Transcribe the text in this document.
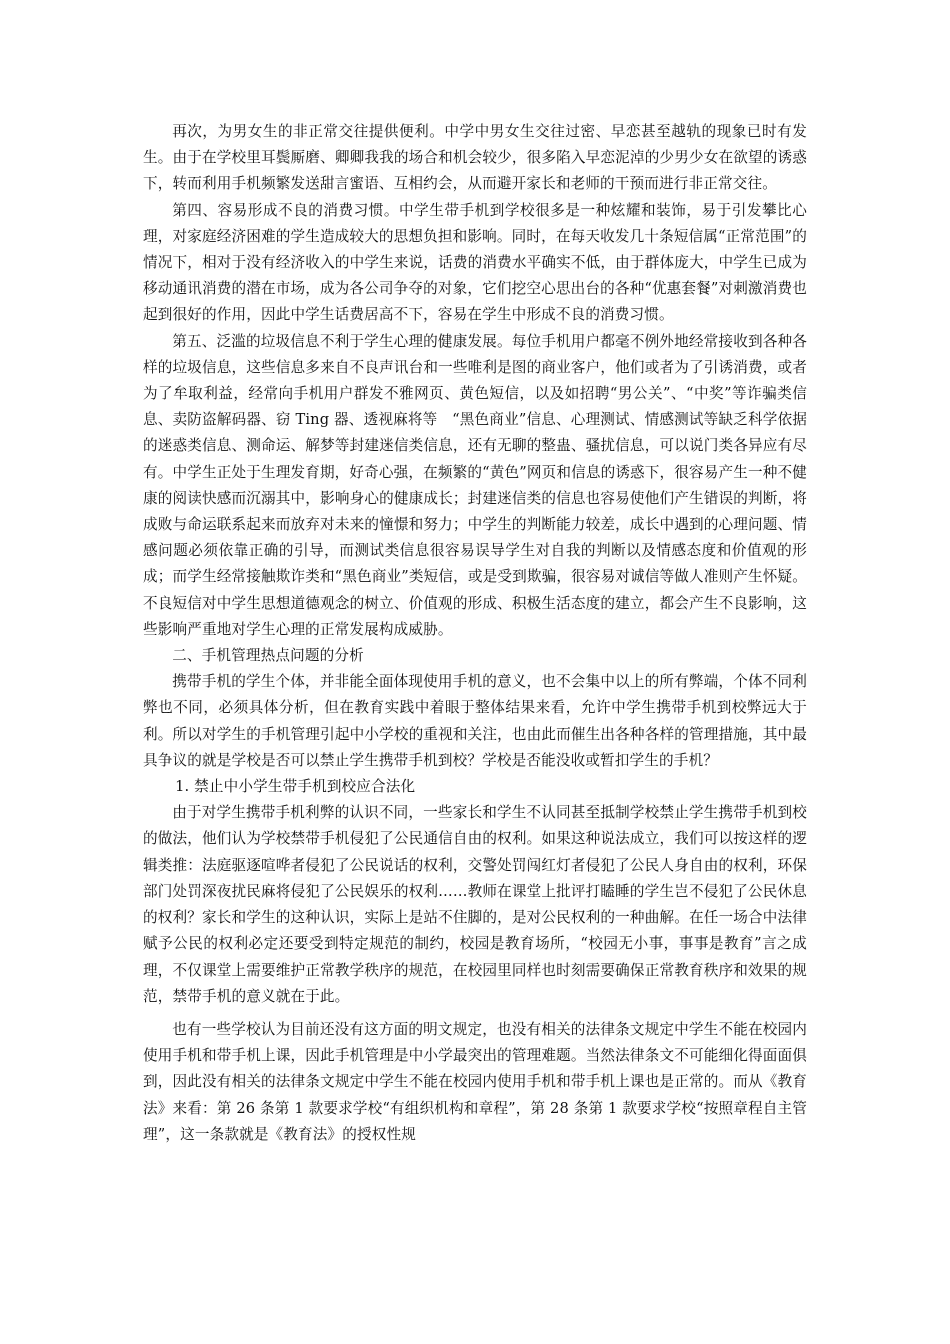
再次，为男女生的非正常交往提供便利。中学中男女生交往过密、早恋甚至越轨的现象已时有发生。由于在学校里耳鬓厮磨、卿卿我我的场合和机会较少，很多陷入早恋泥淖的少男少女在欲望的诱惑下，转而利用手机频繁发送甜言蜜语、互相约会，从而避开家长和老师的干预而进行非正常交往。

第四、容易形成不良的消费习惯。中学生带手机到学校很多是一种炫耀和装饰，易于引发攀比心理，对家庭经济困难的学生造成较大的思想负担和影响。同时，在每天收发几十条短信属“正常范围”的情况下，相对于没有经济收入的中学生来说，话费的消费水平确实不低，由于群体庞大，中学生已成为移动通讯消费的潜在市场，成为各公司争夺的对象，它们挖空心思出台的各种“优惠套餐”对刺激消费也起到很好的作用，因此中学生话费居高不下，容易在学生中形成不良的消费习惯。

第五、泛滥的垃圾信息不利于学生心理的健康发展。每位手机用户都毫不例外地经常接收到各种各样的垃圾信息，这些信息多来自不良声讯台和一些唯利是图的商业客户，他们或者为了引诱消费，或者为了牟取利益，经常向手机用户群发不雅网页、黄色短信，以及如招聘“男公关”、“中奖”等诈骗类信息、卖防盗解码器、窃 Ting 器、透视麻将等　“黑色商业”信息、心理测试、情感测试等缺乏科学依据的迷惑类信息、测命运、解梦等封建迷信类信息，还有无聊的整蛊、骚扰信息，可以说门类各异应有尽有。中学生正处于生理发育期，好奇心强，在频繁的“黄色”网页和信息的诱惑下，很容易产生一种不健康的阅读快感而沉溺其中，影响身心的健康成长；封建迷信类的信息也容易使他们产生错误的判断，将成败与命运联系起来而放弃对未来的憧憬和努力；中学生的判断能力较差，成长中遇到的心理问题、情感问题必须依靠正确的引导，而测试类信息很容易误导学生对自我的判断以及情感态度和价值观的形成；而学生经常接触欺诈类和“黑色商业”类短信，或是受到欺骗，很容易对诚信等做人准则产生怀疑。不良短信对中学生思想道德观念的树立、价值观的形成、积极生活态度的建立，都会产生不良影响，这些影响严重地对学生心理的正常发展构成威胁。

二、手机管理热点问题的分析

携带手机的学生个体，并非能全面体现使用手机的意义，也不会集中以上的所有弊端，个体不同利弊也不同，必须具体分析，但在教育实践中着眼于整体结果来看，允许中学生携带手机到校弊远大于利。所以对学生的手机管理引起中小学校的重视和关注，也由此而催生出各种各样的管理措施，其中最具争议的就是学校是否可以禁止学生携带手机到校？学校是否能没收或暂扣学生的手机？

1. 禁止中小学生带手机到校应合法化

由于对学生携带手机利弊的认识不同，一些家长和学生不认同甚至抵制学校禁止学生携带手机到校的做法，他们认为学校禁带手机侵犯了公民通信自由的权利。如果这种说法成立，我们可以按这样的逻辑类推：法庭驱逐喧哗者侵犯了公民说话的权利，交警处罚闯红灯者侵犯了公民人身自由的权利，环保部门处罚深夜扰民麻将侵犯了公民娱乐的权利……教师在课堂上批评打瞌睡的学生岂不侵犯了公民休息的权利？家长和学生的这种认识，实际上是站不住脚的，是对公民权利的一种曲解。在任一场合中法律赋予公民的权利必定还要受到特定规范的制约，校园是教育场所，“校园无小事，事事是教育”言之成理，不仅课堂上需要维护正常教学秩序的规范，在校园里同样也时刻需要确保正常教育秩序和效果的规范，禁带手机的意义就在于此。

也有一些学校认为目前还没有这方面的明文规定，也没有相关的法律条文规定中学生不能在校园内使用手机和带手机上课，因此手机管理是中小学最突出的管理难题。当然法律条文不可能细化得面面俱到，因此没有相关的法律条文规定中学生不能在校园内使用手机和带手机上课也是正常的。而从《教育法》来看：第 26 条第 1 款要求学校“有组织机构和章程”，第 28 条第 1 款要求学校“按照章程自主管理”，这一条款就是《教育法》的授权性规
